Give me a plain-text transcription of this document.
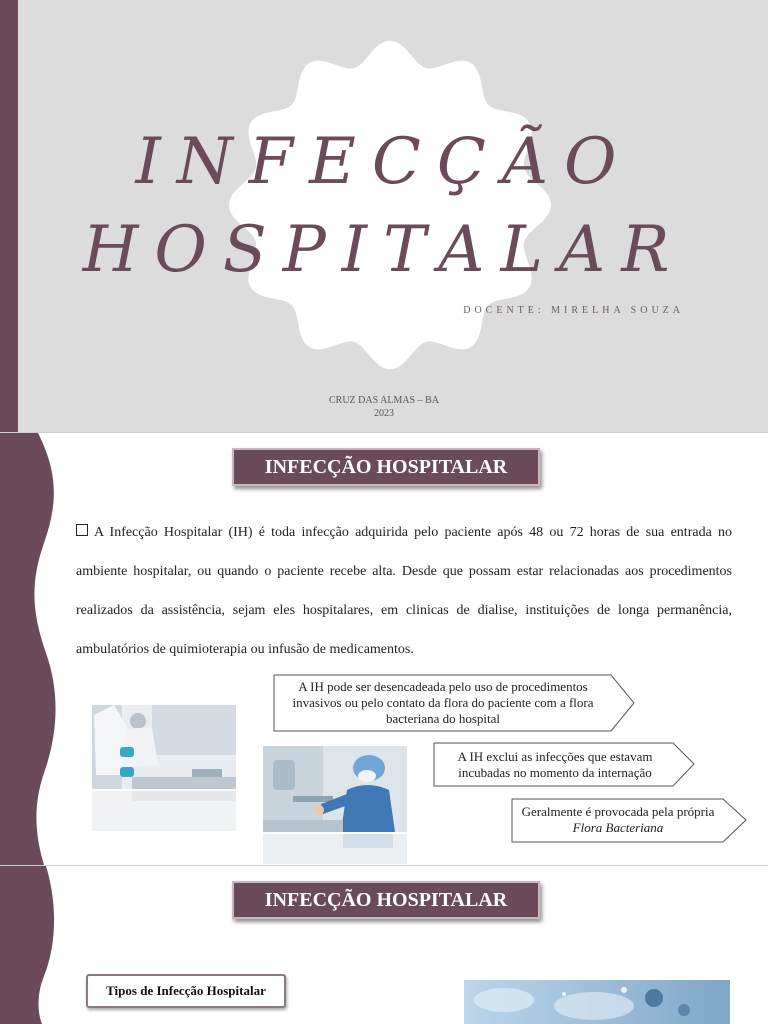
INFECÇÃO
HOSPITALAR
DOCENTE: MIRELHA SOUZA
CRUZ DAS ALMAS – BA
2023
INFECÇÃO HOSPITALAR
A Infecção Hospitalar (IH) é toda infecção adquirida pelo paciente após 48 ou 72 horas de sua entrada no ambiente hospitalar, ou quando o paciente recebe alta. Desde que possam estar relacionadas aos procedimentos realizados da assistência, sejam eles hospitalares, em clinicas de dialise, instituições de longa permanência, ambulatórios de quimioterapia ou infusão de medicamentos.
A IH pode ser desencadeada pelo uso de procedimentos invasivos ou pelo contato da flora do paciente com a flora bacteriana do hospital
A IH exclui as infecções que estavam incubadas no momento da internação
Geralmente é provocada pela própria Flora Bacteriana
INFECÇÃO HOSPITALAR
Tipos de Infecção Hospitalar
